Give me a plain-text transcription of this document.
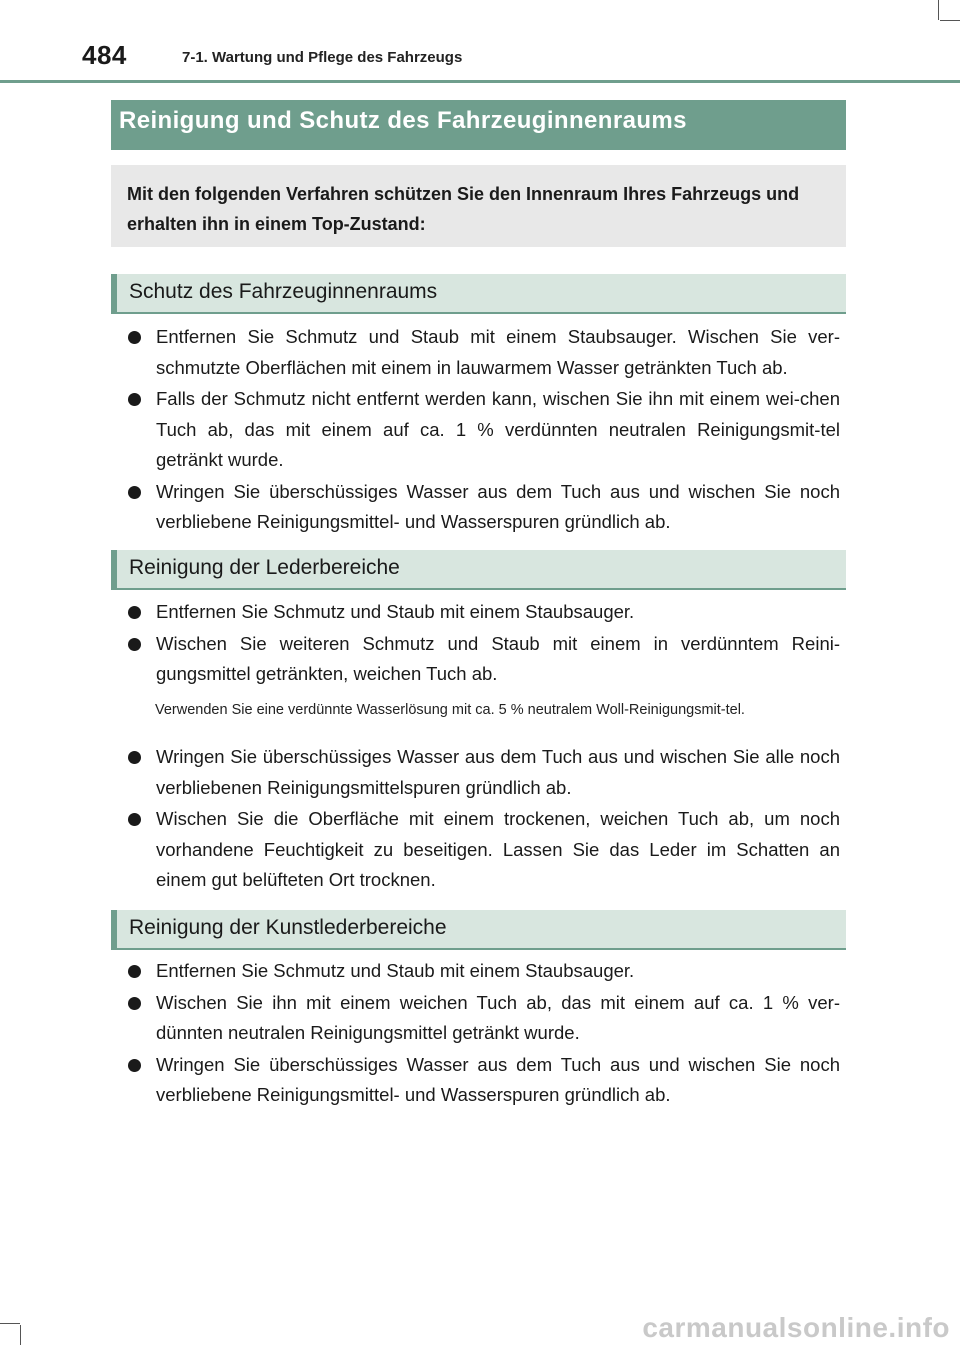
484	7-1. Wartung und Pflege des Fahrzeugs
Reinigung und Schutz des Fahrzeuginnenraums
Mit den folgenden Verfahren schützen Sie den Innenraum Ihres Fahrzeugs und erhalten ihn in einem Top-Zustand:
Schutz des Fahrzeuginnenraums
Entfernen Sie Schmutz und Staub mit einem Staubsauger. Wischen Sie ver-schmutzte Oberflächen mit einem in lauwarmem Wasser getränkten Tuch ab.
Falls der Schmutz nicht entfernt werden kann, wischen Sie ihn mit einem wei-chen Tuch ab, das mit einem auf ca. 1 % verdünnten neutralen Reinigungsmit-tel getränkt wurde.
Wringen Sie überschüssiges Wasser aus dem Tuch aus und wischen Sie noch verbliebene Reinigungsmittel- und Wasserspuren gründlich ab.
Reinigung der Lederbereiche
Entfernen Sie Schmutz und Staub mit einem Staubsauger.
Wischen Sie weiteren Schmutz und Staub mit einem in verdünntem Reini-gungsmittel getränkten, weichen Tuch ab.
Verwenden Sie eine verdünnte Wasserlösung mit ca. 5 % neutralem Woll-Reinigungsmit-tel.
Wringen Sie überschüssiges Wasser aus dem Tuch aus und wischen Sie alle noch verbliebenen Reinigungsmittelspuren gründlich ab.
Wischen Sie die Oberfläche mit einem trockenen, weichen Tuch ab, um noch vorhandene Feuchtigkeit zu beseitigen. Lassen Sie das Leder im Schatten an einem gut belüfteten Ort trocknen.
Reinigung der Kunstlederbereiche
Entfernen Sie Schmutz und Staub mit einem Staubsauger.
Wischen Sie ihn mit einem weichen Tuch ab, das mit einem auf ca. 1 % ver-dünnten neutralen Reinigungsmittel getränkt wurde.
Wringen Sie überschüssiges Wasser aus dem Tuch aus und wischen Sie noch verbliebene Reinigungsmittel- und Wasserspuren gründlich ab.
carmanualsonline.info
